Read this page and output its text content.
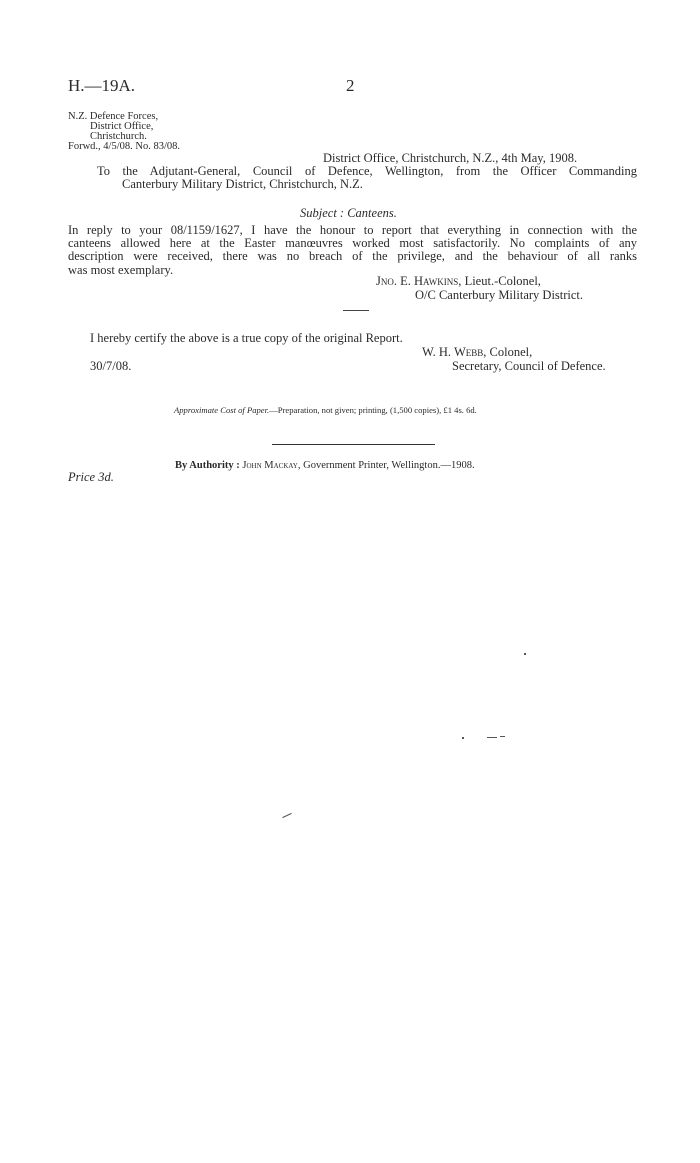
H.—19A.	2
N.Z. Defence Forces,
District Office,
Christchurch.
Forwd., 4/5/08. No. 83/08.
District Office, Christchurch, N.Z., 4th May, 1908.
To the Adjutant-General, Council of Defence, Wellington, from the Officer Commanding
Canterbury Military District, Christchurch, N.Z.
Subject : Canteens.
In reply to your 08/1159/1627, I have the honour to report that everything in connection with the
canteens allowed here at the Easter manœuvres worked most satisfactorily. No complaints of any
description were received, there was no breach of the privilege, and the behaviour of all ranks
was most exemplary.
Jno. E. Hawkins, Lieut.-Colonel,
O/C Canterbury Military District.
I hereby certify the above is a true copy of the original Report.
W. H. Webb, Colonel,
30/7/08.	Secretary, Council of Defence.
Approximate Cost of Paper.—Preparation, not given; printing, (1,500 copies), £1 4s. 6d.
By Authority : John Mackay, Government Printer, Wellington.—1908.
Price 3d.
